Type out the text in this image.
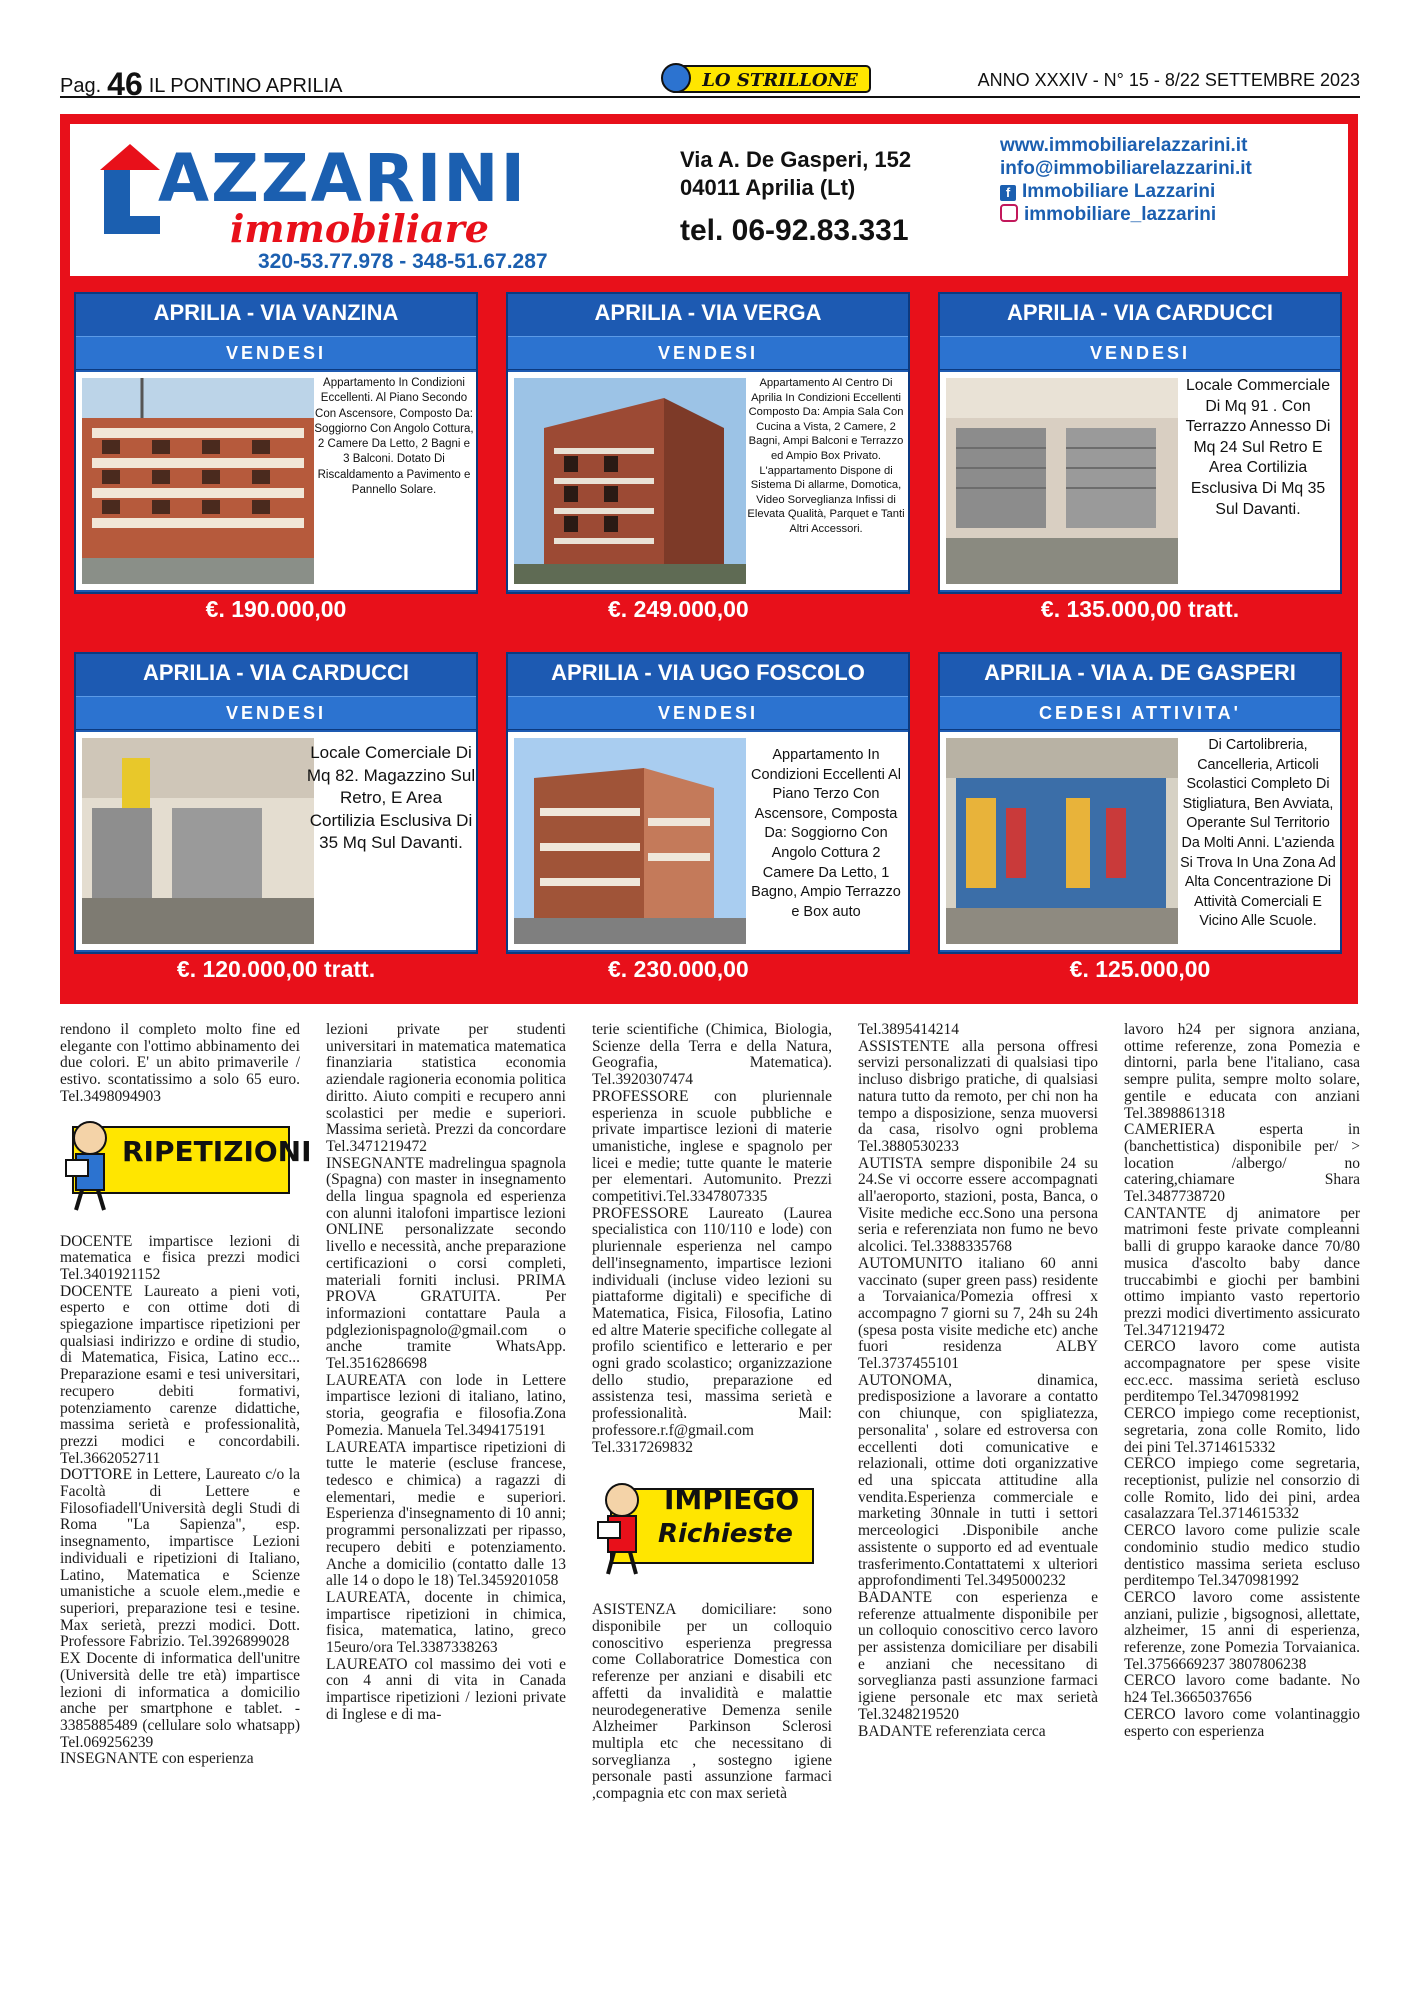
Pag. 46 IL PONTINO APRILIA	LO STRILLONE	ANNO XXXIV - N° 15 - 8/22 SETTEMBRE 2023
AZZARINI
immobiliare
320-53.77.978 - 348-51.67.287
Via A. De Gasperi, 152
04011 Aprilia (Lt)
tel. 06-92.83.331
www.immobiliarelazzarini.it
info@immobiliarelazzarini.it
f Immobiliare Lazzarini
immobiliare_lazzarini
APRILIA - VIA VANZINA
VENDESI
Appartamento In Condizioni Eccellenti. Al Piano Secondo Con Ascensore, Composto Da: Soggiorno Con Angolo Cottura, 2 Camere Da Letto, 2 Bagni e 3 Balconi. Dotato Di Riscaldamento a Pavimento e Pannello Solare.
€. 190.000,00
APRILIA - VIA VERGA
VENDESI
Appartamento Al Centro Di Aprilia In Condizioni Eccellenti Composto Da: Ampia Sala Con Cucina a Vista, 2 Camere, 2 Bagni, Ampi Balconi e Terrazzo ed Ampio Box Privato. L'appartamento Dispone di Sistema Di allarme, Domotica, Video Sorveglianza Infissi di Elevata Qualità, Parquet e Tanti Altri Accessori.
€. 249.000,00
APRILIA - VIA CARDUCCI
VENDESI
Locale Commerciale Di Mq 91 . Con Terrazzo Annesso Di Mq 24 Sul Retro E Area Cortilizia Esclusiva Di Mq 35 Sul Davanti.
€. 135.000,00 tratt.
APRILIA - VIA CARDUCCI
VENDESI
Locale Comerciale Di Mq 82. Magazzino Sul Retro, E Area Cortilizia Esclusiva Di 35 Mq Sul Davanti.
€. 120.000,00 tratt.
APRILIA - VIA UGO FOSCOLO
VENDESI
Appartamento In Condizioni Eccellenti Al Piano Terzo Con Ascensore, Composta Da: Soggiorno Con Angolo Cottura 2 Camere Da Letto, 1 Bagno, Ampio Terrazzo e Box auto
€. 230.000,00
APRILIA - VIA A. DE GASPERI
CEDESI ATTIVITA'
Di Cartolibreria, Cancelleria, Articoli Scolastici Completo Di Stigliatura, Ben Avviata, Operante Sul Territorio Da Molti Anni. L'azienda Si Trova In Una Zona Ad Alta Concentrazione Di Attività Comerciali E Vicino Alle Scuole.
€. 125.000,00

rendono il completo molto fine ed elegante con l'ottimo abbinamento dei due colori. E' un abito primaverile / estivo. scontatissimo a solo 65 euro. Tel.3498094903

RIPETIZIONI

DOCENTE impartisce lezioni di matematica e fisica prezzi modici Tel.3401921152

DOCENTE Laureato a pieni voti, esperto e con ottime doti di spiegazione impartisce ripetizioni per qualsiasi indirizzo e ordine di studio, di Matematica, Fisica, Latino ecc... Preparazione esami e tesi universitari, recupero debiti formativi, potenziamento carenze didattiche, massima serietà e professionalità, prezzi modici e concordabili. Tel.3662052711

DOTTORE in Lettere, Laureato c/o la Facoltà di Lettere e Filosofiadell'Università degli Studi di Roma "La Sapienza", esp. insegnamento, impartisce Lezioni individuali e ripetizioni di Italiano, Latino, Matematica e Scienze umanistiche a scuole elem.,medie e superiori, preparazione tesi e tesine. Max serietà, prezzi modici. Dott. Professore Fabrizio. Tel.3926899028

EX Docente di informatica dell'unitre (Università delle tre età) impartisce lezioni di informatica a domicilio anche per smartphone e tablet. - 3385885489 (cellulare solo whatsapp) Tel.069256239

INSEGNANTE con esperienza

lezioni private per studenti universitari in matematica matematica finanziaria statistica economia aziendale ragioneria economia politica diritto. Aiuto compiti e recupero anni scolastici per medie e superiori. Massima serietà. Prezzi da concordare Tel.3471219472

INSEGNANTE madrelingua spagnola (Spagna) con master in insegnamento della lingua spagnola ed esperienza con alunni italofoni impartisce lezioni ONLINE personalizzate secondo livello e necessità, anche preparazione certificazioni o corsi completi, materiali forniti inclusi. PRIMA PROVA GRATUITA. Per informazioni contattare Paula a pdglezionispagnolo@gmail.com o anche tramite WhatsApp. Tel.3516286698

LAUREATA con lode in Lettere impartisce lezioni di italiano, latino, storia, geografia e filosofia.Zona Pomezia. Manuela Tel.3494175191

LAUREATA impartisce ripetizioni di tutte le materie (escluse francese, tedesco e chimica) a ragazzi di elementari, medie e superiori. Esperienza d'insegnamento di 10 anni; programmi personalizzati per ripasso, recupero debiti e potenziamento. Anche a domicilio (contatto dalle 13 alle 14 o dopo le 18) Tel.3459201058

LAUREATA, docente in chimica, impartisce ripetizioni in chimica, fisica, matematica, latino, greco 15euro/ora Tel.3387338263

LAUREATO col massimo dei voti e con 4 anni di vita in Canada impartisce ripetizioni / lezioni private di Inglese e di ma-

terie scientifiche (Chimica, Biologia, Scienze della Terra e della Natura, Geografia, Matematica). Tel.3920307474

PROFESSORE con pluriennale esperienza in scuole pubbliche e private impartisce lezioni di materie umanistiche, inglese e spagnolo per licei e medie; tutte quante le materie per elementari. Automunito. Prezzi competitivi.Tel.3347807335

PROFESSORE Laureato (Laurea specialistica con 110/110 e lode) con pluriennale esperienza nel campo dell'insegnamento, impartisce lezioni individuali (incluse video lezioni su piattaforme digitali) e specifiche di Matematica, Fisica, Filosofia, Latino ed altre Materie specifiche collegate al profilo scientifico e letterario e per ogni grado scolastico; organizzazione dello studio, preparazione ed assistenza tesi, massima serietà e professionalità. Mail: professore.r.f@gmail.com Tel.3317269832

IMPIEGO
Richieste

ASISTENZA domiciliare: sono disponibile per un colloquio conoscitivo esperienza pregressa come Collaboratrice Domestica con referenze per anziani e disabili etc affetti da invalidità e malattie neurodegenerative Demenza senile Alzheimer Parkinson Sclerosi multipla etc che necessitano di sorveglianza , sostegno igiene personale pasti assunzione farmaci ,compagnia etc con max serietà

Tel.3895414214

ASSISTENTE alla persona offresi servizi personalizzati di qualsiasi tipo incluso disbrigo pratiche, di qualsiasi natura tutto da remoto, per chi non ha tempo a disposizione, senza muoversi da casa, risolvo ogni problema Tel.3880530233

AUTISTA sempre disponibile 24 su 24.Se vi occorre essere accompagnati all'aeroporto, stazioni, posta, Banca, o Visite mediche ecc.Sono una persona seria e referenziata non fumo ne bevo alcolici. Tel.3388335768

AUTOMUNITO italiano 60 anni vaccinato (super green pass) residente a Torvaianica/Pomezia offresi x accompagno 7 giorni su 7, 24h su 24h (spesa posta visite mediche etc) anche fuori residenza ALBY Tel.3737455101

AUTONOMA, dinamica, predisposizione a lavorare a contatto con chiunque, con spigliatezza, personalita' , solare ed estroversa con eccellenti doti comunicative e relazionali, ottime doti organizzative ed una spiccata attitudine alla vendita.Esperienza commerciale e marketing 30nnale in tutti i settori merceologici .Disponibile anche assistente o supporto ed ad eventuale trasferimento.Contattatemi x ulteriori approfondimenti Tel.3495000232

BADANTE con esperienza e referenze attualmente disponibile per un colloquio conoscitivo cerco lavoro per assistenza domiciliare per disabili e anziani che necessitano di sorveglianza pasti assunzione farmaci igiene personale etc max serietà Tel.3248219520

BADANTE referenziata cerca

lavoro h24 per signora anziana, ottime referenze, zona Pomezia e dintorni, parla bene l'italiano, casa sempre pulita, sempre molto solare, gentile e educata con anziani Tel.3898861318

CAMERIERA esperta in (banchettistica) disponibile per/ > location /albergo/ no catering,chiamare Shara Tel.3487738720

CANTANTE dj animatore per matrimoni feste private compleanni balli di gruppo karaoke dance 70/80 musica d'ascolto baby dance truccabimbi e giochi per bambini ottimo impianto vasto repertorio prezzi modici divertimento assicurato Tel.3471219472

CERCO lavoro come autista accompagnatore per spese visite ecc.ecc. massima serietà escluso perditempo Tel.3470981992

CERCO impiego come receptionist, segretaria, zona colle Romito, lido dei pini Tel.3714615332

CERCO impiego come segretaria, receptionist, pulizie nel consorzio di colle Romito, lido dei pini, ardea casalazzara Tel.3714615332

CERCO lavoro come pulizie scale condominio studio medico studio dentistico massima serieta escluso perditempo Tel.3470981992

CERCO lavoro come assistente anziani, pulizie , bigsognosi, allettate, alzheimer, 15 anni di esperienza, referenze, zone Pomezia Torvaianica. Tel.3756669237 3807806238

CERCO lavoro come badante. No h24 Tel.3665037656

CERCO lavoro come volantinaggio esperto con esperienza
